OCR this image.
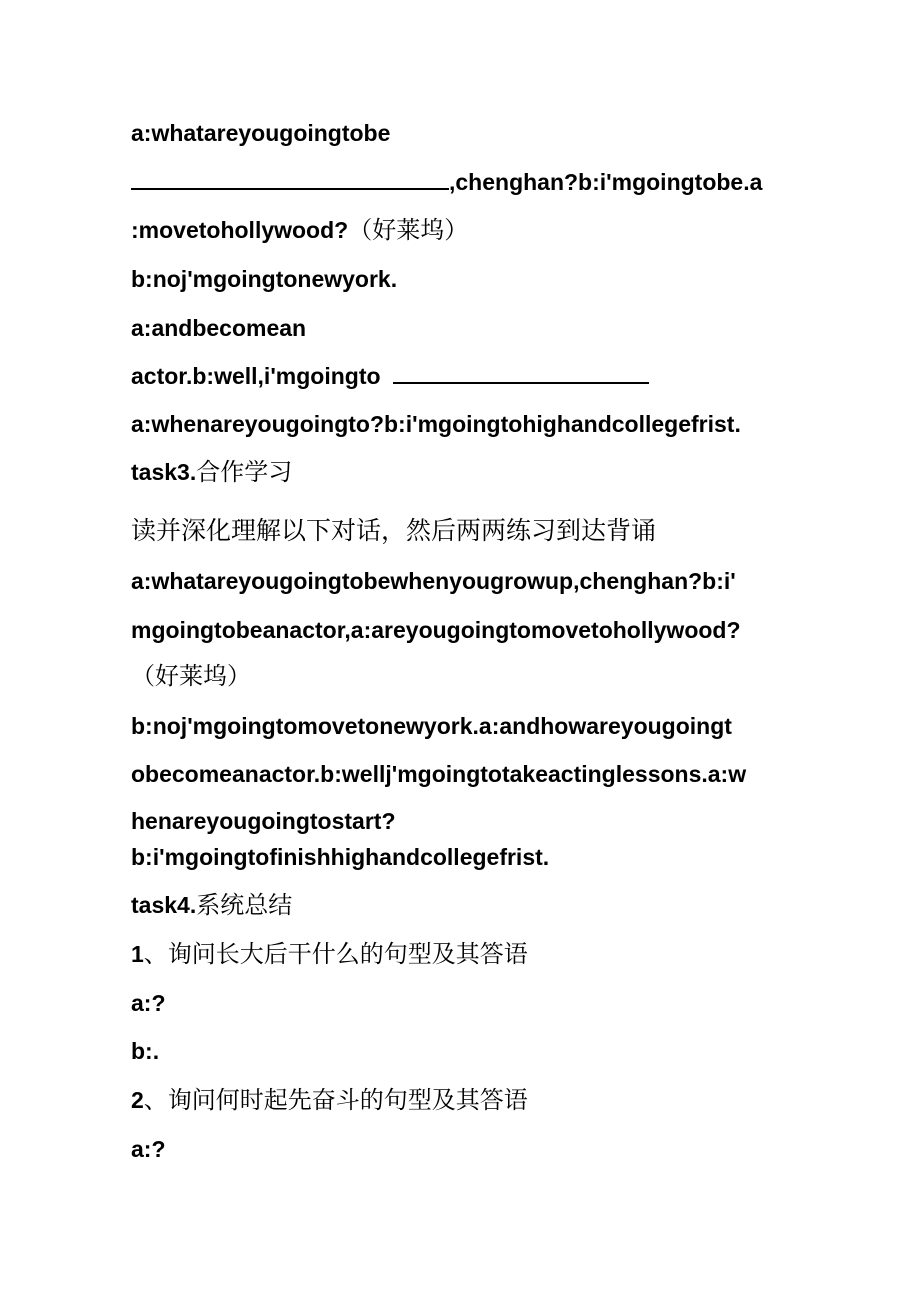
a:whatareyougoingtobe
,chenghan?b:i'mgoingtobe.a
:movetohollywood?（好莱坞）
b:noj'mgoingtonewyork.
a:andbecomean
actor.b:well,i'mgoingto
a:whenareyougoingto?b:i'mgoingtohighandcollegefrist.
task3.合作学习
读并深化理解以下对话，然后两两练习到达背诵
a:whatareyougoingtobewhenyougrowup,chenghan?b:i'
mgoingtobeanactor,a:areyougoingtomovetohollywood?
（好莱坞）
b:noj'mgoingtomovetonewyork.a:andhowareyougoingt
obecomeanactor.b:wellj'mgoingtotakeactinglessons.a:w
henareyougoingtostart?
b:i'mgoingtofinishhighandcollegefrist.
task4.系统总结
1、询问长大后干什么的句型及其答语
a:?
b:.
2、询问何时起先奋斗的句型及其答语
a:?
